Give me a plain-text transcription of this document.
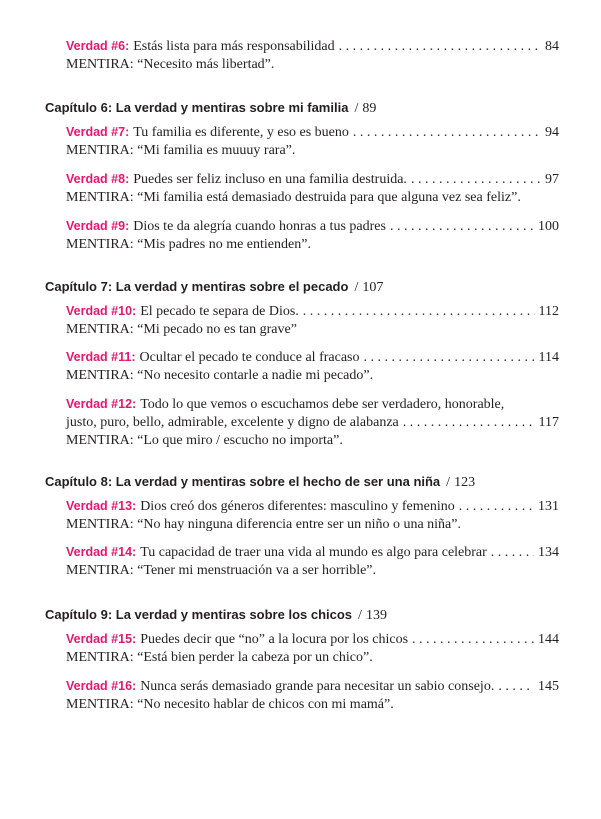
Verdad #6: Estás lista para más responsabilidad . . .	84
MENTIRA: “Necesito más libertad”.
Capítulo 6: La verdad y mentiras sobre mi familia / 89
Verdad #7: Tu familia es diferente, y eso es bueno . . .	94
MENTIRA: “Mi familia es muuuy rara”.
Verdad #8: Puedes ser feliz incluso en una familia destruida. . . .	97
MENTIRA: “Mi familia está demasiado destruida para que alguna vez sea feliz”.
Verdad #9: Dios te da alegría cuando honras a tus padres . . .	100
MENTIRA: “Mis padres no me entienden”.
Capítulo 7: La verdad y mentiras sobre el pecado / 107
Verdad #10: El pecado te separa de Dios. . . .	112
MENTIRA: “Mi pecado no es tan grave”
Verdad #11: Ocultar el pecado te conduce al fracaso . . .	114
MENTIRA: “No necesito contarle a nadie mi pecado”.
Verdad #12: Todo lo que vemos o escuchamos debe ser verdadero, honorable,
justo, puro, bello, admirable, excelente y digno de alabanza . . .	117
MENTIRA: “Lo que miro / escucho no importa”.
Capítulo 8: La verdad y mentiras sobre el hecho de ser una niña / 123
Verdad #13: Dios creó dos géneros diferentes: masculino y femenino . . .	131
MENTIRA: “No hay ninguna diferencia entre ser un niño o una niña”.
Verdad #14: Tu capacidad de traer una vida al mundo es algo para celebrar . . .	134
MENTIRA: “Tener mi menstruación va a ser horrible”.
Capítulo 9: La verdad y mentiras sobre los chicos / 139
Verdad #15: Puedes decir que “no” a la locura por los chicos . . .	144
MENTIRA: “Está bien perder la cabeza por un chico”.
Verdad #16: Nunca serás demasiado grande para necesitar un sabio consejo. . . .	145
MENTIRA: “No necesito hablar de chicos con mi mamá”.
